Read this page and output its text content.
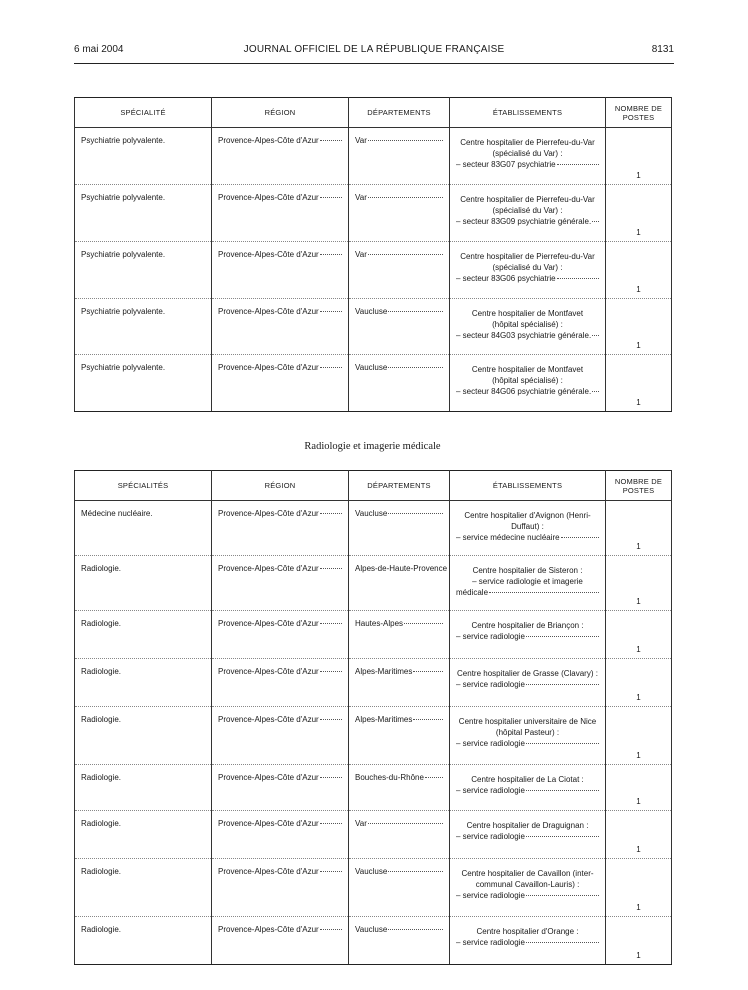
6 mai 2004	JOURNAL OFFICIEL DE LA RÉPUBLIQUE FRANÇAISE	8131
SPÉCIALITÉ	RÉGION	DÉPARTEMENTS	ÉTABLISSEMENTS	NOMBRE DE POSTES

Psychiatrie polyvalente.	Provence-Alpes-Côte d'Azur	Var	Centre hospitalier de Pierrefeu-du-Var
(spécialisé du Var) :
– secteur 83G07 psychiatrie	1

Psychiatrie polyvalente.	Provence-Alpes-Côte d'Azur	Var	Centre hospitalier de Pierrefeu-du-Var
(spécialisé du Var) :
– secteur 83G09 psychiatrie générale.	1

Psychiatrie polyvalente.	Provence-Alpes-Côte d'Azur	Var	Centre hospitalier de Pierrefeu-du-Var
(spécialisé du Var) :
– secteur 83G06 psychiatrie	1

Psychiatrie polyvalente.	Provence-Alpes-Côte d'Azur	Vaucluse	Centre hospitalier de Montfavet
(hôpital spécialisé) :
– secteur 84G03 psychiatrie générale.	1

Psychiatrie polyvalente.	Provence-Alpes-Côte d'Azur	Vaucluse	Centre hospitalier de Montfavet
(hôpital spécialisé) :
– secteur 84G06 psychiatrie générale.	1
Radiologie et imagerie médicale
SPÉCIALITÉS	RÉGION	DÉPARTEMENTS	ÉTABLISSEMENTS	NOMBRE DE POSTES

Médecine nucléaire.	Provence-Alpes-Côte d'Azur	Vaucluse	Centre hospitalier d'Avignon (Henri-
Duffaut) :
– service médecine nucléaire	1

Radiologie.	Provence-Alpes-Côte d'Azur	Alpes-de-Haute-Provence	Centre hospitalier de Sisteron :
– service radiologie et imagerie
médicale	1

Radiologie.	Provence-Alpes-Côte d'Azur	Hautes-Alpes	Centre hospitalier de Briançon :
– service radiologie	1

Radiologie.	Provence-Alpes-Côte d'Azur	Alpes-Maritimes	Centre hospitalier de Grasse (Clavary) :
– service radiologie	1

Radiologie.	Provence-Alpes-Côte d'Azur	Alpes-Maritimes	Centre hospitalier universitaire de Nice
(hôpital Pasteur) :
– service radiologie	1

Radiologie.	Provence-Alpes-Côte d'Azur	Bouches-du-Rhône	Centre hospitalier de La Ciotat :
– service radiologie	1

Radiologie.	Provence-Alpes-Côte d'Azur	Var	Centre hospitalier de Draguignan :
– service radiologie	1

Radiologie.	Provence-Alpes-Côte d'Azur	Vaucluse	Centre hospitalier de Cavaillon (inter-
communal Cavaillon-Lauris) :
– service radiologie	1

Radiologie.	Provence-Alpes-Côte d'Azur	Vaucluse	Centre hospitalier d'Orange :
– service radiologie	1
